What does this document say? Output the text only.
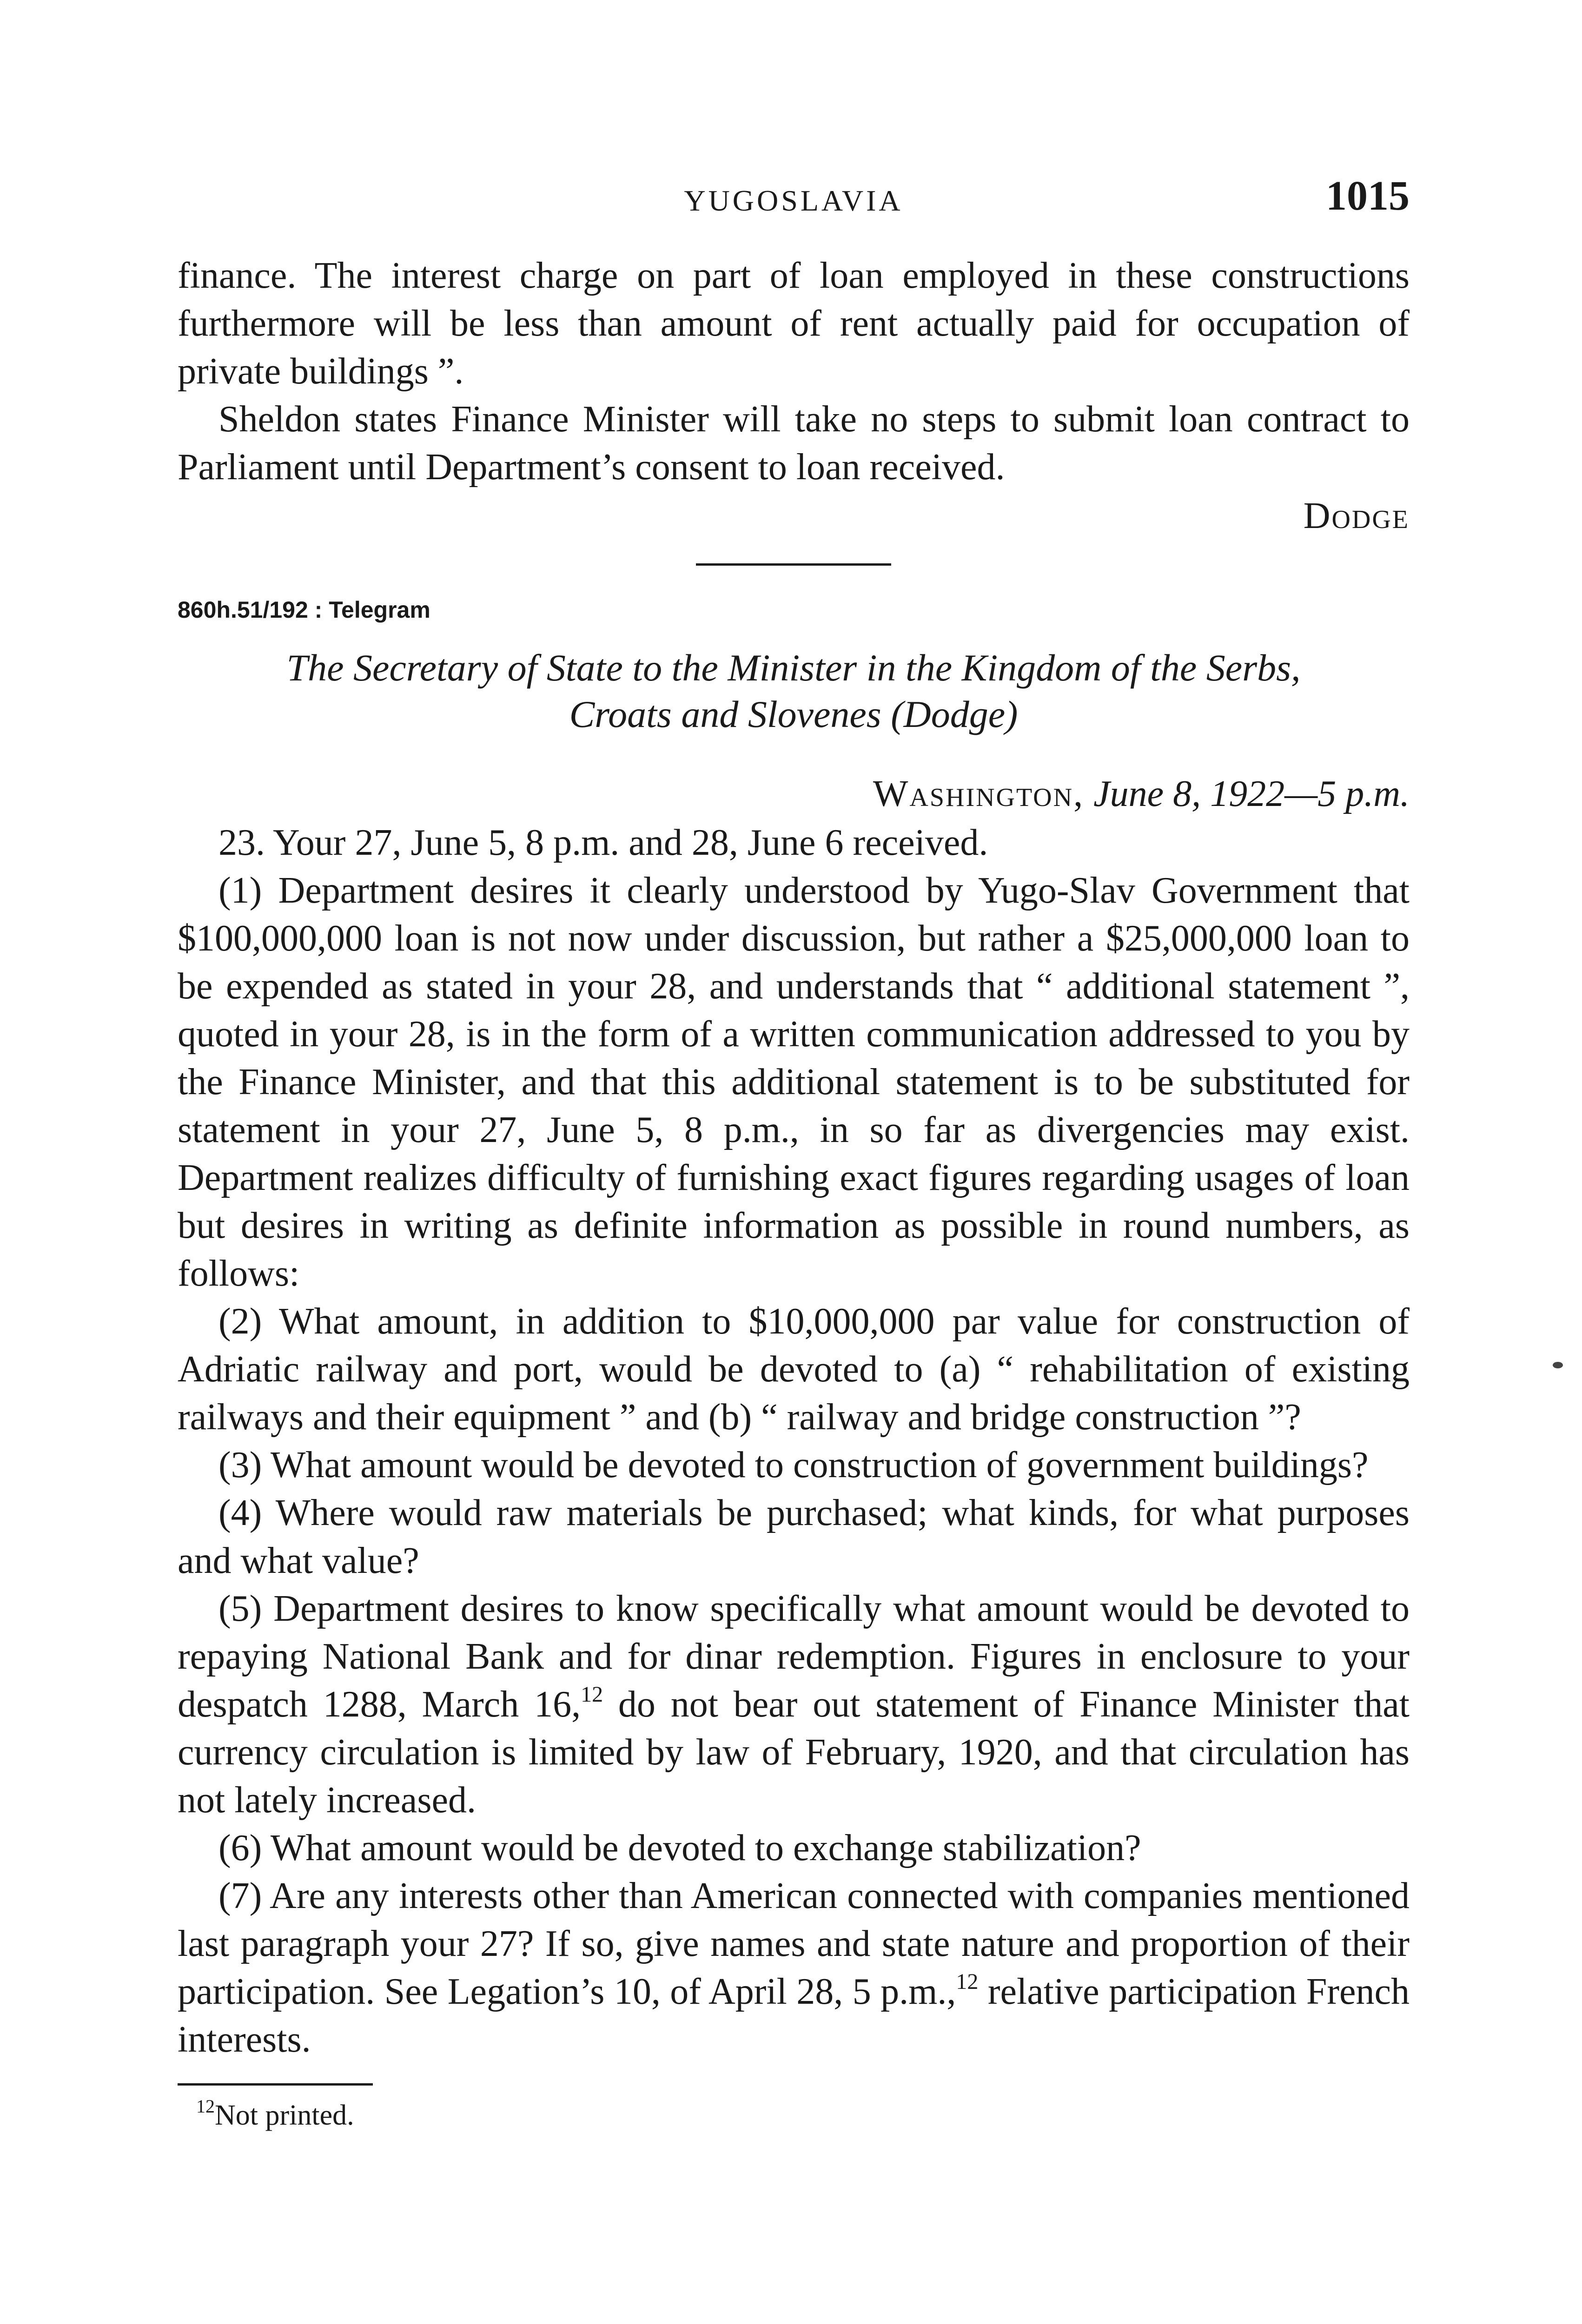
YUGOSLAVIA	1015

finance. The interest charge on part of loan employed in these constructions furthermore will be less than amount of rent actually paid for occupation of private buildings ”.

Sheldon states Finance Minister will take no steps to submit loan contract to Parliament until Department’s consent to loan received.

Dodge
860h.51/192 : Telegram
The Secretary of State to the Minister in the Kingdom of the Serbs,
Croats and Slovenes (Dodge)
Washington, June 8, 1922—5 p.m.

23. Your 27, June 5, 8 p.m. and 28, June 6 received.

(1) Department desires it clearly understood by Yugo-Slav Government that $100,000,000 loan is not now under discussion, but rather a $25,000,000 loan to be expended as stated in your 28, and understands that “ additional statement ”, quoted in your 28, is in the form of a written communication addressed to you by the Finance Minister, and that this additional statement is to be substituted for statement in your 27, June 5, 8 p.m., in so far as divergencies may exist. Department realizes difficulty of furnishing exact figures regarding usages of loan but desires in writing as definite information as possible in round numbers, as follows:

(2) What amount, in addition to $10,000,000 par value for construction of Adriatic railway and port, would be devoted to (a) “ rehabilitation of existing railways and their equipment ” and (b) “ railway and bridge construction ”?

(3) What amount would be devoted to construction of government buildings?

(4) Where would raw materials be purchased; what kinds, for what purposes and what value?

(5) Department desires to know specifically what amount would be devoted to repaying National Bank and for dinar redemption. Figures in enclosure to your despatch 1288, March 16,12 do not bear out statement of Finance Minister that currency circulation is limited by law of February, 1920, and that circulation has not lately increased.

(6) What amount would be devoted to exchange stabilization?

(7) Are any interests other than American connected with companies mentioned last paragraph your 27? If so, give names and state nature and proportion of their participation. See Legation’s 10, of April 28, 5 p.m.,$^{12}$ relative participation French interests.

$^{12}$Not printed.
